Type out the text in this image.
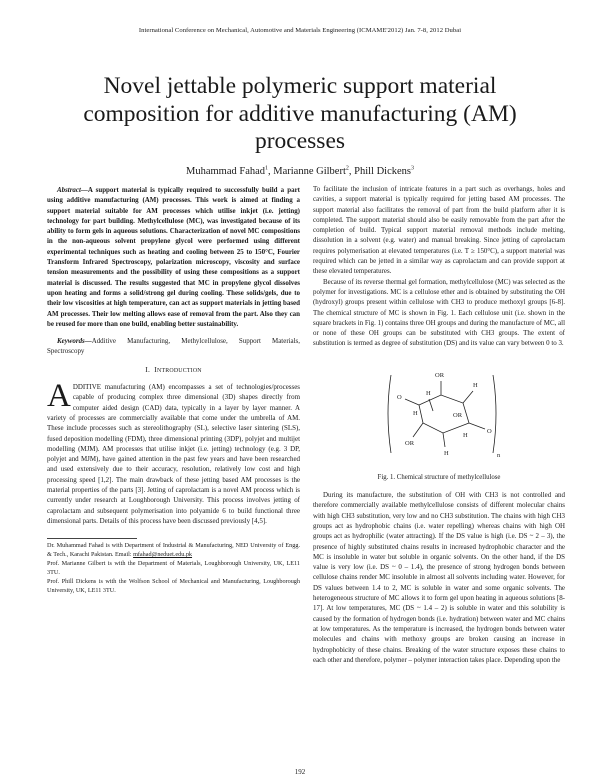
International Conference on Mechanical, Automotive and Materials Engineering (ICMAME'2012) Jan. 7-8, 2012 Dubai
Novel jettable polymeric support material composition for additive manufacturing (AM) processes
Muhammad Fahad$^1$, Marianne Gilbert$^2$, Phill Dickens$^3$

Abstract—A support material is typically required to successfully build a part using additive manufacturing (AM) processes. This work is aimed at finding a support material suitable for AM processes which utilise inkjet (i.e. jetting) technology for part building. Methylcellulose (MC), was investigated because of its ability to form gels in aqueous solutions. Characterization of novel MC compositions in the non-aqueous solvent propylene glycol were performed using different experimental techniques such as heating and cooling between 25 to 150°C, Fourier Transform Infrared Spectroscopy, polarization microscopy, viscosity and surface tension measurements and the possibility of using these compositions as a support material is discussed. The results suggested that MC in propylene glycol dissolves upon heating and forms a solid/strong gel during cooling. These solids/gels, due to their low viscosities at high temperature, can act as support materials in jetting based AM processes. Their low melting allows ease of removal from the part. Also they can be reused for more than one build, enabling better sustainability.

Keywords—Additive Manufacturing, Methylcellulose, Support Materials, Spectroscopy

I. INTRODUCTION

ADDITIVE manufacturing (AM) encompasses a set of technologies/processes capable of producing complex three dimensional (3D) shapes directly from computer aided design (CAD) data, typically in a layer by layer manner. A variety of processes are commercially available that come under the umbrella of AM. These include processes such as stereolithography (SL), selective laser sintering (SLS), fused deposition modelling (FDM), three dimensional printing (3DP), polyjet and multijet modelling (MJM). AM processes that utilise inkjet (i.e. jetting) technology (e.g. 3 DP, polyjet and MJM), have gained attention in the past few years and have been researched and used extensively due to their accuracy, resolution, relatively low cost and high processing speed [1,2]. The main drawback of these jetting based AM processes is the material properties of the parts [3]. Jetting of caprolactam is a novel AM process which is currently under research at Loughborough University. This process involves jetting of caprolactam and subsequent polymerisation into polyamide 6 to build functional three dimensional parts. Details of this process have been discussed previously [4,5].

Dr. Muhammad Fahad is with Department of Industrial & Manufacturing, NED University of Engg. & Tech., Karachi Pakistan. Email: mfahad@neduet.edu.pk

Prof. Marianne Gilbert is with the Department of Materials, Loughborough University, UK, LE11 3TU.

Prof. Phill Dickens is with the Wolfson School of Mechanical and Manufacturing, Loughborough University, UK, LE11 3TU.

To facilitate the inclusion of intricate features in a part such as overhangs, holes and cavities, a support material is typically required for jetting based AM processes. The support material also facilitates the removal of part from the build platform after it is completed. The support material should also be easily removable from the part after the completion of build. Typical support material removal methods include melting, dissolution in a solvent (e.g. water) and manual breaking. Since jetting of caprolactam requires polymerisation at elevated temperatures (i.e. T ≥ 150°C), a support material was required which can be jetted in a similar way as caprolactam and can provide support at these elevated temperatures.

Because of its reverse thermal gel formation, methylcellulose (MC) was selected as the polymer for investigations. MC is a cellulose ether and is obtained by substituting the OH (hydroxyl) groups present within cellulose with CH3 to produce methoxyl groups [6-8]. The chemical structure of MC is shown in Fig. 1. Each cellulose unit (i.e. shown in the square brackets in Fig. 1) contains three OH groups and during the manufacture of MC, all or none of these OH groups can be substituted with CH3 groups. The extent of substitution is termed as degree of substitution (DS) and its value can vary between 0 to 3.

OR
H
H
OR
H
H	OR
O
H
O
n
Fig. 1. Chemical structure of methylcellulose

During its manufacture, the substitution of OH with CH3 is not controlled and therefore commercially available methylcellulose consists of different molecular chains with high CH3 substitution, very low and no CH3 substitution. The chains with high CH3 groups act as hydrophobic chains (i.e. water repelling) whereas chains with high OH groups act as hydrophilic (water attracting). If the DS value is high (i.e. DS ~ 2 – 3), the presence of highly substituted chains results in increased hydrophobic character and the MC is insoluble in water but soluble in organic solvents. On the other hand, if the DS value is very low (i.e. DS ~ 0 – 1.4), the presence of strong hydrogen bonds between cellulose chains render MC insoluble in almost all solvents including water. However, for DS values between 1.4 to 2, MC is soluble in water and some organic solvents. The heterogeneous structure of MC allows it to form gel upon heating in aqueous solutions [8-17]. At low temperatures, MC (DS ~ 1.4 – 2) is soluble in water and this solubility is caused by the formation of hydrogen bonds (i.e. hydration) between water and MC chains at low temperatures. As the temperature is increased, the hydrogen bonds between water molecules and chains with methoxy groups are broken causing an increase in hydrophobicity of these chains. Breaking of the water structure exposes these chains to each other and therefore, polymer – polymer interaction takes place. Depending upon the

192
